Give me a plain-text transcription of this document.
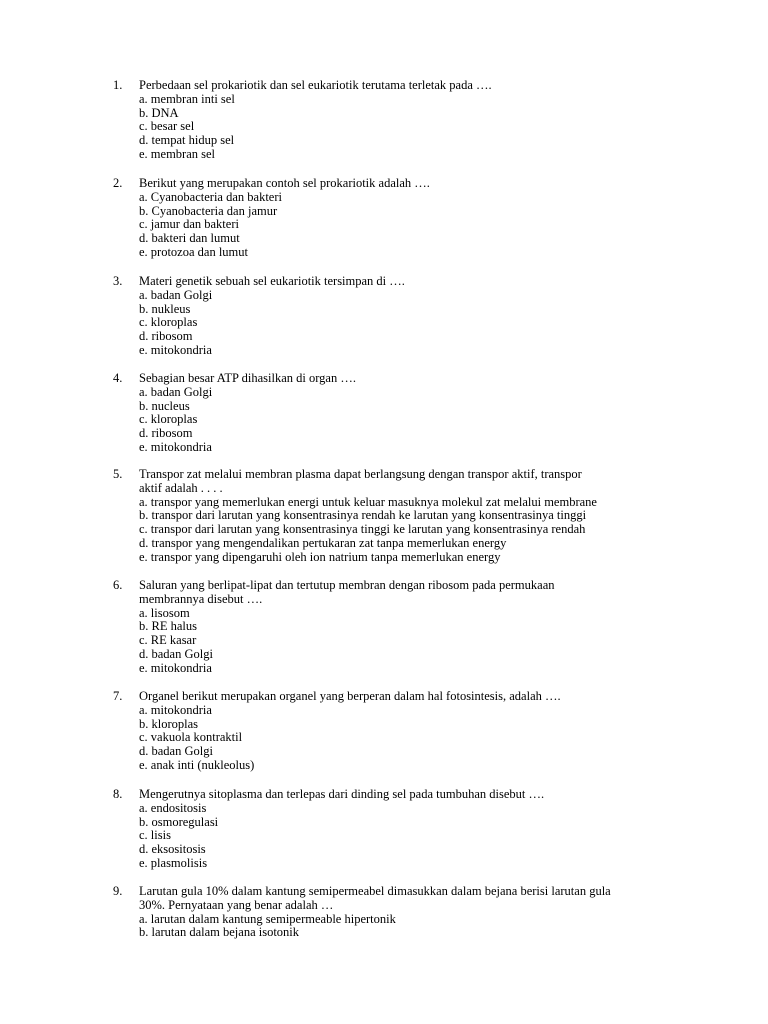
1.	Perbedaan sel prokariotik dan sel eukariotik terutama terletak pada ….
a. membran inti sel
b. DNA
c. besar sel
d. tempat hidup sel
e. membran sel
2.	Berikut yang merupakan contoh sel prokariotik adalah ….
a. Cyanobacteria dan bakteri
b. Cyanobacteria dan jamur
c. jamur dan bakteri
d. bakteri dan lumut
e. protozoa dan lumut
3.	Materi genetik sebuah sel eukariotik tersimpan di ….
a. badan Golgi
b. nukleus
c. kloroplas
d. ribosom
e. mitokondria
4.	Sebagian besar ATP dihasilkan di organ ….
a. badan Golgi
b. nucleus
c. kloroplas
d. ribosom
e. mitokondria
5.	Transpor zat melalui membran plasma dapat berlangsung dengan transpor aktif, transpor
aktif adalah . . . .
a. transpor yang memerlukan energi untuk keluar masuknya molekul zat melalui membrane
b. transpor dari larutan yang konsentrasinya rendah ke larutan yang konsentrasinya tinggi
c. transpor dari larutan yang konsentrasinya tinggi ke larutan yang konsentrasinya rendah
d. transpor yang mengendalikan pertukaran zat tanpa memerlukan energy
e. transpor yang dipengaruhi oleh ion natrium tanpa memerlukan energy
6.	Saluran yang berlipat-lipat dan tertutup membran dengan ribosom pada permukaan
membrannya disebut ….
a. lisosom
b. RE halus
c. RE kasar
d. badan Golgi
e. mitokondria
7.	Organel berikut merupakan organel yang berperan dalam hal fotosintesis, adalah ….
a. mitokondria
b. kloroplas
c. vakuola kontraktil
d. badan Golgi
e. anak inti (nukleolus)
8.	Mengerutnya sitoplasma dan terlepas dari dinding sel pada tumbuhan disebut ….
a. endositosis
b. osmoregulasi
c. lisis
d. eksositosis
e. plasmolisis
9.	Larutan gula 10% dalam kantung semipermeabel dimasukkan dalam bejana berisi larutan gula
30%. Pernyataan yang benar adalah …
a. larutan dalam kantung semipermeable hipertonik
b. larutan dalam bejana isotonik
